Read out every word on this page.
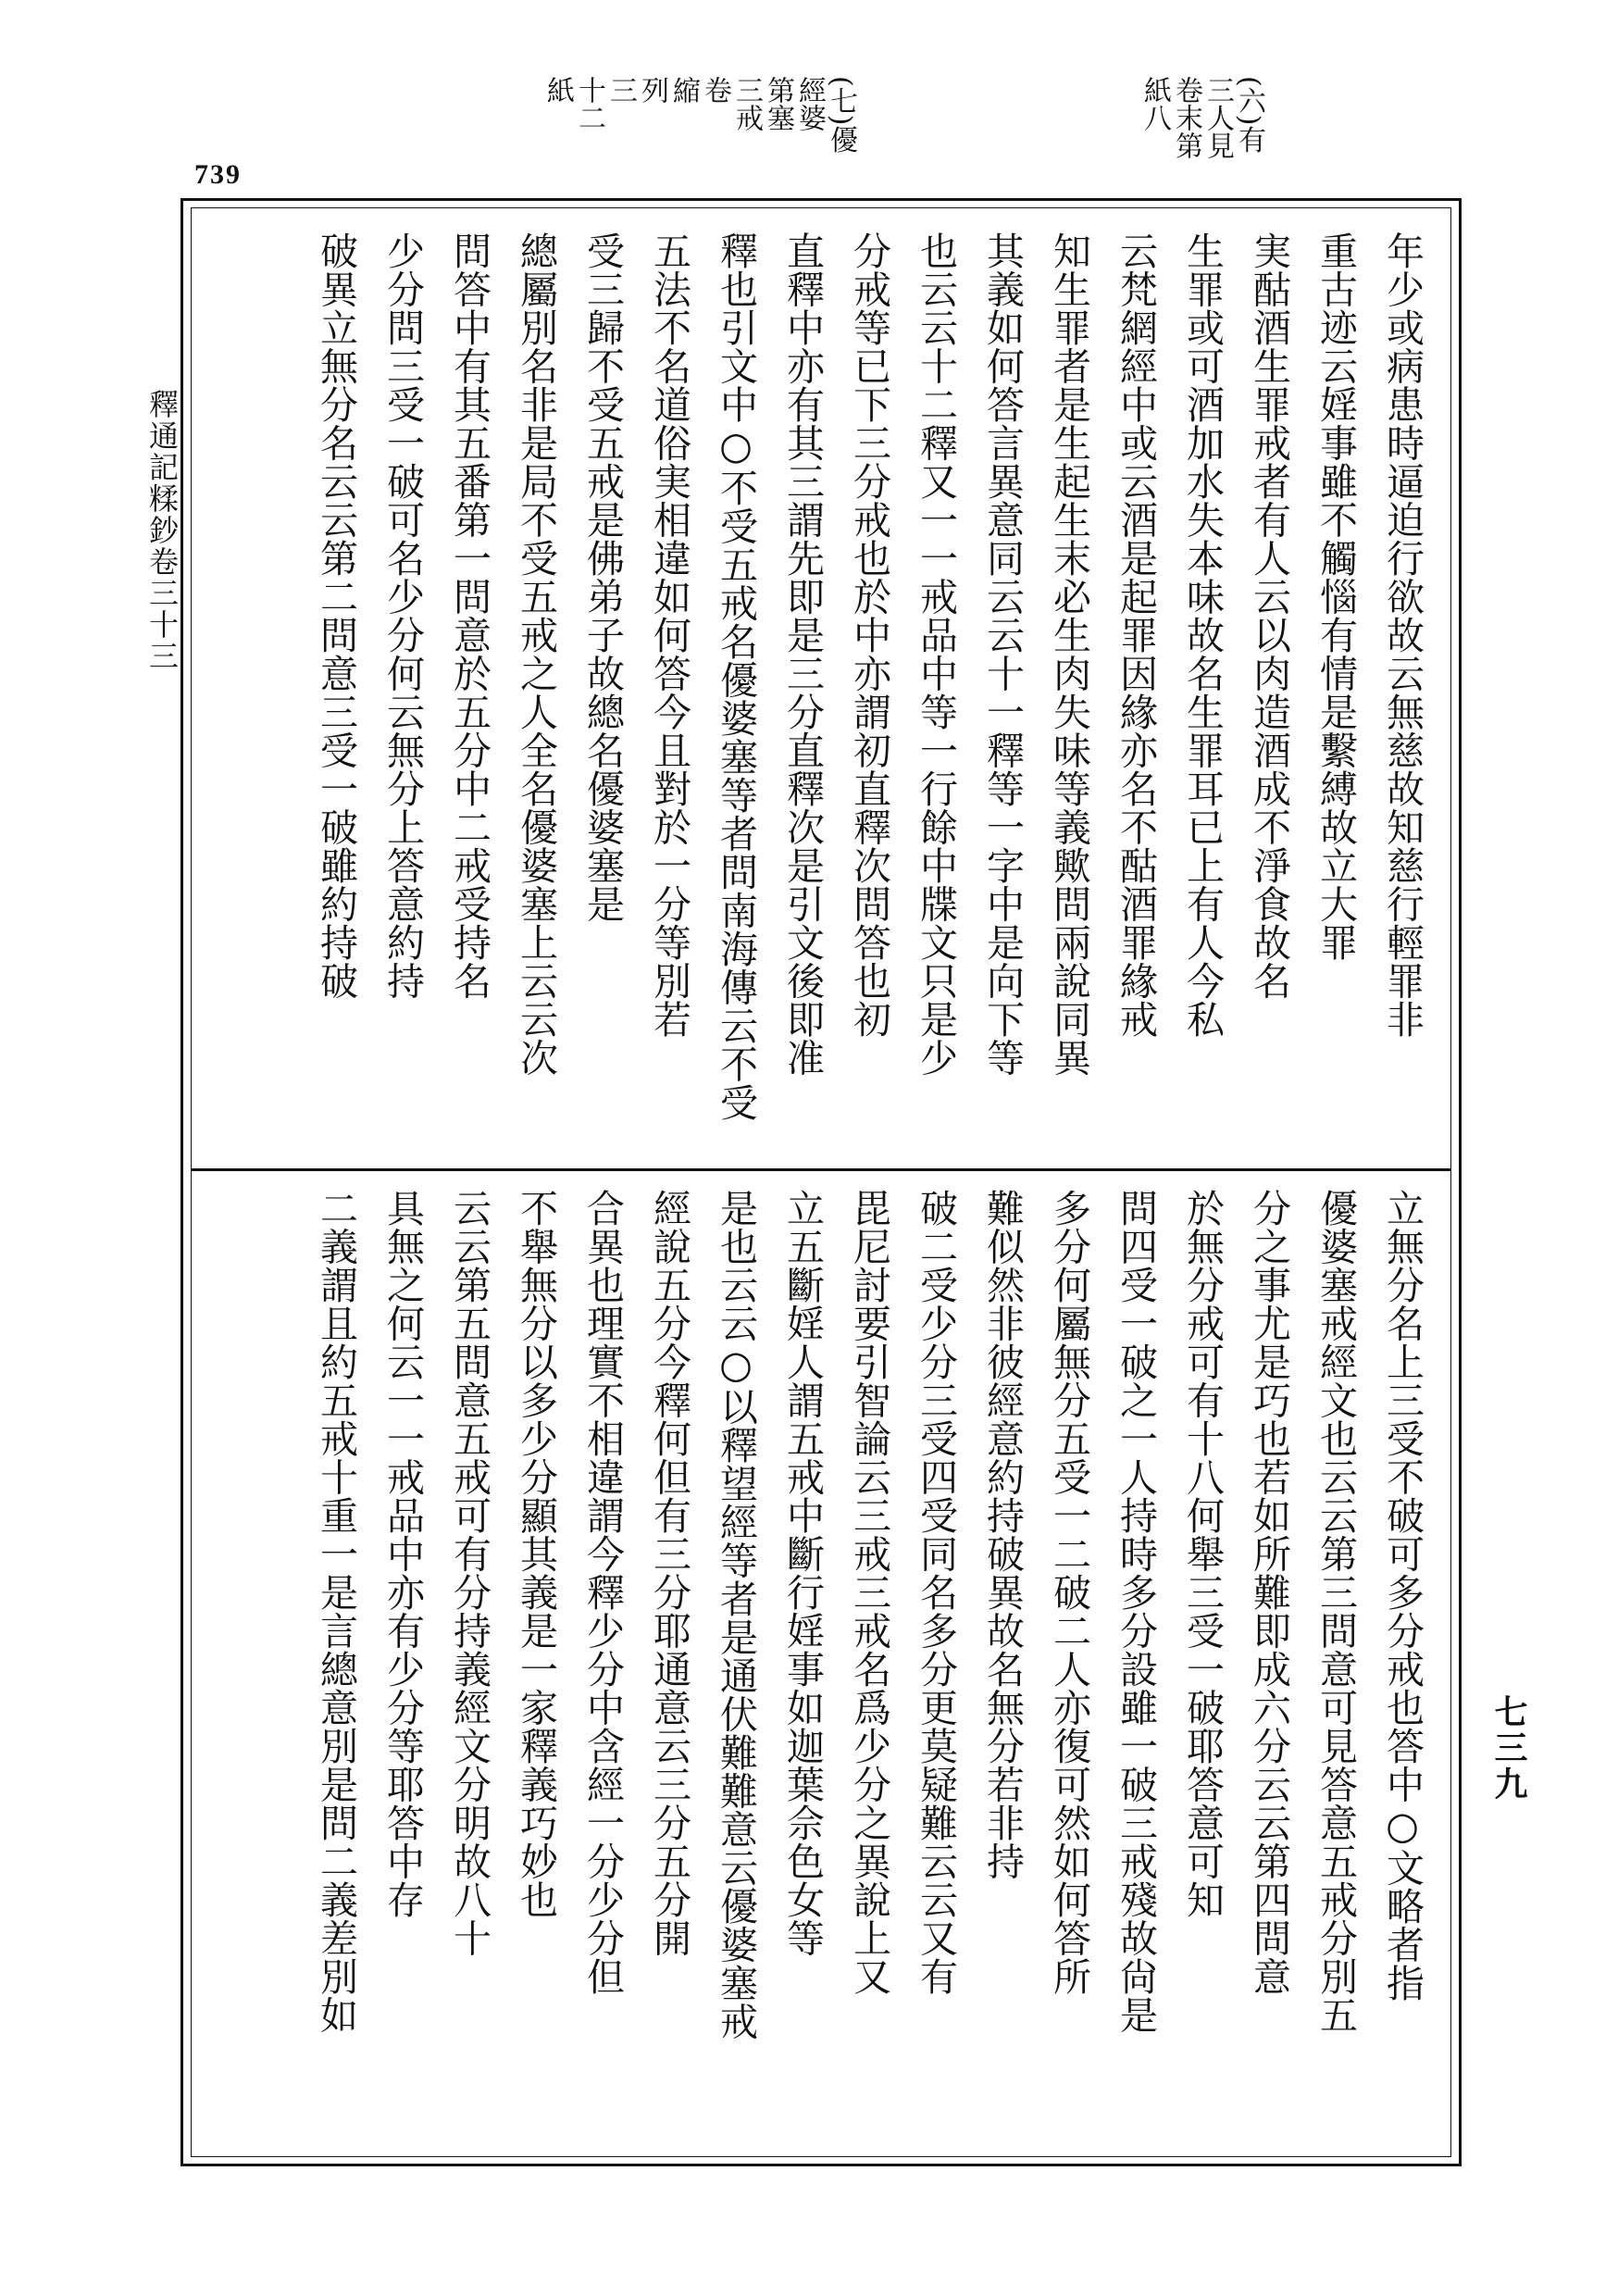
739
(六)有
三人見
卷末第
紙八
(七)優
經婆
第塞
三戒
卷
縮
列
三
十二
紙
釋通記糅鈔卷三十三
七三九
年少或病患時逼迫行欲故云無慈故知慈行輕罪非
重古迹云婬事雖不觸惱有情是繫縛故立大罪
実酤酒生罪戒者有人云以肉造酒成不淨食故名
生罪或可酒加水失本味故名生罪耳已上有人今私
云梵網經中或云酒是起罪因緣亦名不酤酒罪緣戒
知生罪者是生起生末必生肉失味等義歟問兩說同異
其義如何答言異意同云云十一釋等一字中是向下等
也云云十二釋又一一戒品中等一行餘中牒文只是少
分戒等已下三分戒也於中亦謂初直釋次問答也初
直釋中亦有其三謂先即是三分直釋次是引文後即准
釋也引文中○不受五戒名優婆塞等者問南海傳云不受
五法不名道俗実相違如何答今且對於一分等別若
受三歸不受五戒是佛弟子故總名優婆塞是
總屬別名非是局不受五戒之人全名優婆塞上云云次
問答中有其五番第一問意於五分中二戒受持名
少分問三受一破可名少分何云無分上答意約持
破異立無分名云云第二問意三受一破雖約持破
立無分名上三受不破可多分戒也答中○文略者指
優婆塞戒經文也云云第三問意可見答意五戒分別五
分之事尤是巧也若如所難即成六分云云第四問意
於無分戒可有十八何舉三受一破耶答意可知
問四受一破之一人持時多分設雖一破三戒殘故尙是
多分何屬無分五受一二破二人亦復可然如何答所
難似然非彼經意約持破異故名無分若非持
破二受少分三受四受同名多分更莫疑難云云又有
毘尼討要引智論云三戒三戒名爲少分之異說上又
立五斷婬人謂五戒中斷行婬事如迦葉佘色女等
是也云云○以釋望經等者是通伏難難意云優婆塞戒
經說五分今釋何但有三分耶通意云三分五分開
合異也理實不相違謂今釋少分中含經一分少分但
不舉無分以多少分顯其義是一家釋義巧妙也
云云第五問意五戒可有分持義經文分明故八十
具無之何云一一戒品中亦有少分等耶答中存
二義謂且約五戒十重一是言總意別是問二義差別如
